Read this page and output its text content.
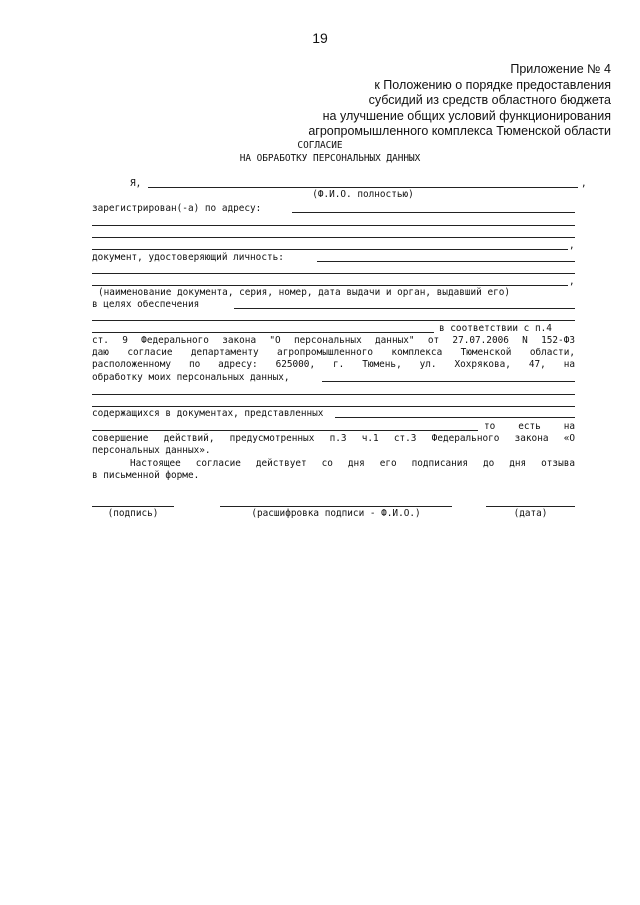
19
Приложение № 4
к Положению о порядке предоставления
субсидий из средств областного бюджета
на улучшение общих условий функционирования
агропромышленного комплекса Тюменской области
СОГЛАСИЕ
НА ОБРАБОТКУ ПЕРСОНАЛЬНЫХ ДАННЫХ
Я,	,
(Ф.И.О. полностью)
зарегистрирован(-а) по адресу:
,
документ, удостоверяющий личность:
,
(наименование документа, серия, номер, дата выдачи и орган, выдавший его)
в целях обеспечения
в соответствии с п.4
ст. 9 Федерального закона "О персональных данных" от 27.07.2006 N 152-ФЗ
даю согласие департаменту агропромышленного комплекса Тюменской области,
расположенному по адресу: 625000, г. Тюмень, ул. Хохрякова, 47, на
обработку моих персональных данных,
содержащихся в документах, представленных
то есть на
совершение действий, предусмотренных п.3 ч.1 ст.3 Федерального закона «О
персональных данных».
Настоящее согласие действует со дня его подписания до дня отзыва
в письменной форме.
(подпись)	(расшифровка подписи - Ф.И.О.)	(дата)
